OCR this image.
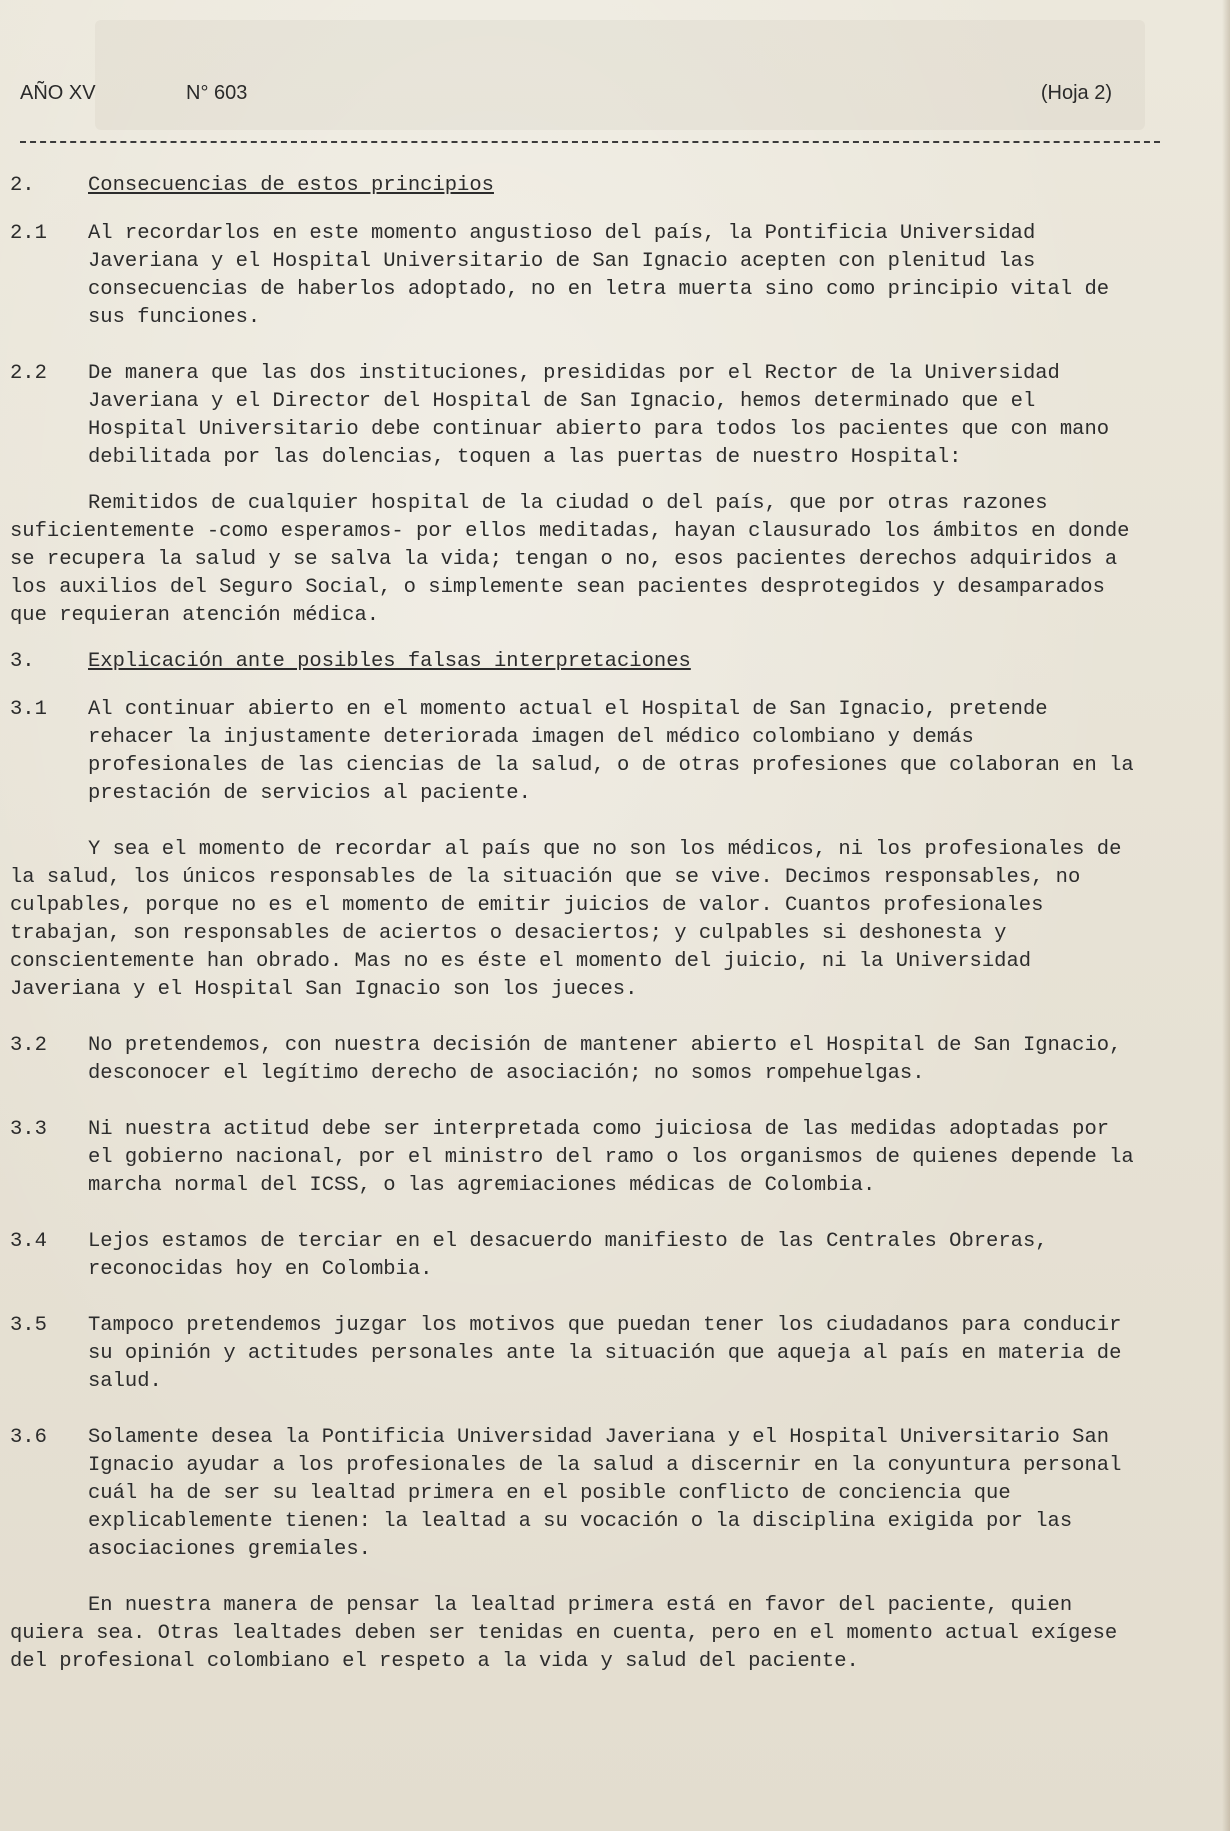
AÑO XV	N° 603	(Hoja 2)

2.	Consecuencias de estos principios

2.1 Al recordarlos en este momento angustioso del país, la Pontificia Universidad Javeriana y el Hospital Universitario de San Ignacio acepten con plenitud las consecuencias de haberlos adoptado, no en letra muerta sino como principio vital de sus funciones.

2.2 De manera que las dos instituciones, presididas por el Rector de la Universidad Javeriana y el Director del Hospital de San Ignacio, hemos determinado que el Hospital Universitario debe continuar abierto para todos los pacientes que con mano debilitada por las dolencias, toquen a las puertas de nuestro Hospital:

Remitidos de cualquier hospital de la ciudad o del país, que por otras razones suficientemente -como esperamos- por ellos meditadas, hayan clausurado los ámbitos en donde se recupera la salud y se salva la vida; tengan o no, esos pacientes derechos adquiridos a los auxilios del Seguro Social, o simplemente sean pacientes desprotegidos y desamparados que requieran atención médica.

3.	Explicación ante posibles falsas interpretaciones

3.1 Al continuar abierto en el momento actual el Hospital de San Ignacio, pretende rehacer la injustamente deteriorada imagen del médico colombiano y demás profesionales de las ciencias de la salud, o de otras profesiones que colaboran en la prestación de servicios al paciente.

Y sea el momento de recordar al país que no son los médicos, ni los profesionales de la salud, los únicos responsables de la situación que se vive. Decimos responsables, no culpables, porque no es el momento de emitir juicios de valor. Cuantos profesionales trabajan, son responsables de aciertos o desaciertos; y culpables si deshonesta y conscientemente han obrado. Mas no es éste el momento del juicio, ni la Universidad Javeriana y el Hospital San Ignacio son los jueces.

3.2 No pretendemos, con nuestra decisión de mantener abierto el Hospital de San Ignacio, desconocer el legítimo derecho de asociación; no somos rompehuelgas.

3.3 Ni nuestra actitud debe ser interpretada como juiciosa de las medidas adoptadas por el gobierno nacional, por el ministro del ramo o los organismos de quienes depende la marcha normal del ICSS, o las agremiaciones médicas de Colombia.

3.4 Lejos estamos de terciar en el desacuerdo manifiesto de las Centrales Obreras, reconocidas hoy en Colombia.

3.5 Tampoco pretendemos juzgar los motivos que puedan tener los ciudadanos para conducir su opinión y actitudes personales ante la situación que aqueja al país en materia de salud.

3.6 Solamente desea la Pontificia Universidad Javeriana y el Hospital Universitario San Ignacio ayudar a los profesionales de la salud a discernir en la conyuntura personal cuál ha de ser su lealtad primera en el posible conflicto de conciencia que explicablemente tienen: la lealtad a su vocación o la disciplina exigida por las asociaciones gremiales.

En nuestra manera de pensar la lealtad primera está en favor del paciente, quien quiera sea. Otras lealtades deben ser tenidas en cuenta, pero en el momento actual exígese del profesional colombiano el respeto a la vida y salud del paciente.
